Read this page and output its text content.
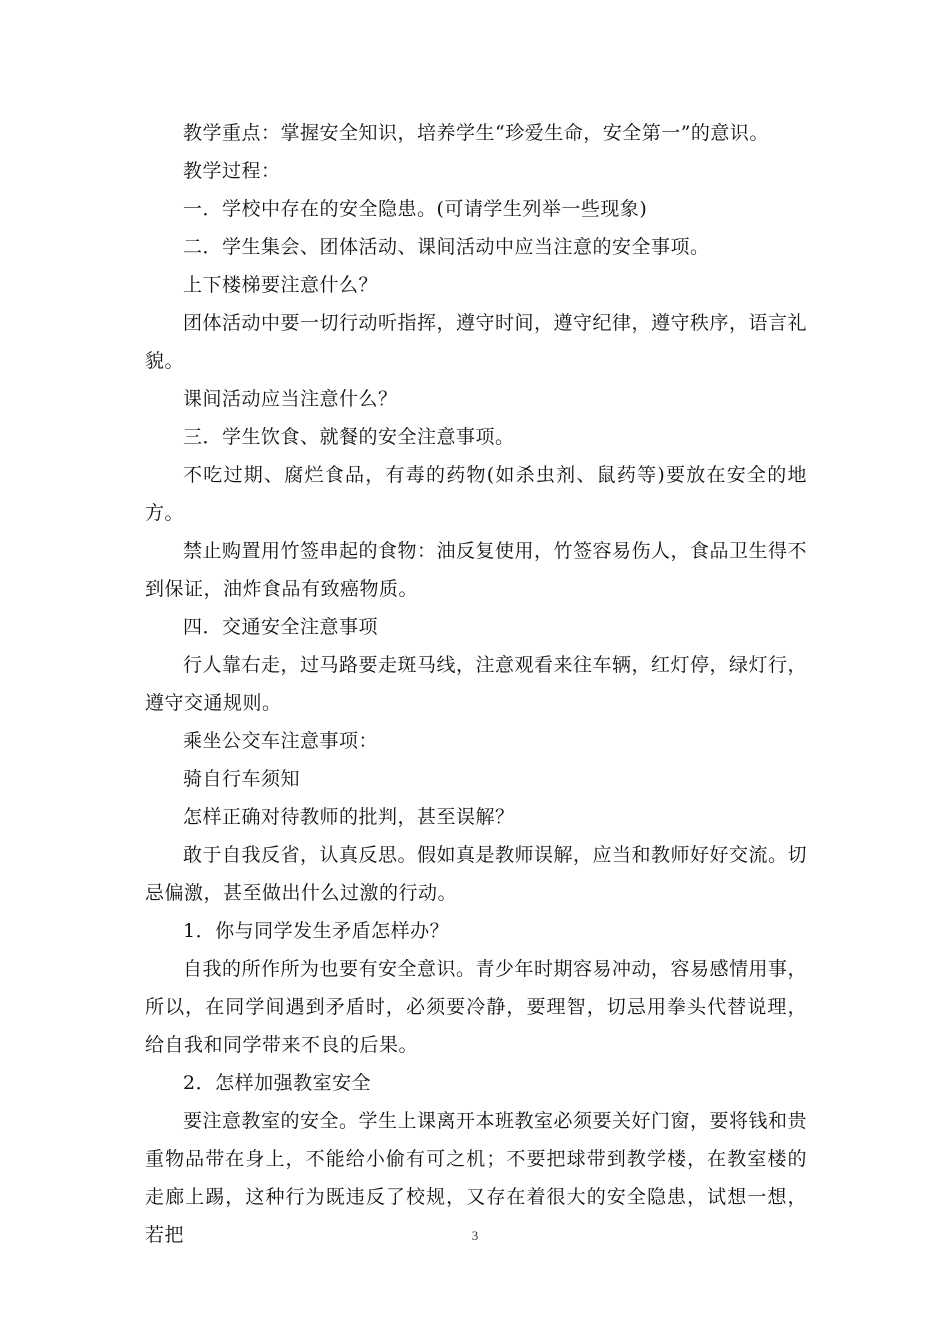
教学重点：掌握安全知识，培养学生“珍爱生命，安全第一”的意识。

教学过程：

一．学校中存在的安全隐患。(可请学生列举一些现象)

二．学生集会、团体活动、课间活动中应当注意的安全事项。

上下楼梯要注意什么？

团体活动中要一切行动听指挥，遵守时间，遵守纪律，遵守秩序，语言礼貌。

课间活动应当注意什么？

三．学生饮食、就餐的安全注意事项。

不吃过期、腐烂食品，有毒的药物(如杀虫剂、鼠药等)要放在安全的地方。

禁止购置用竹签串起的食物：油反复使用，竹签容易伤人，食品卫生得不到保证，油炸食品有致癌物质。

四．交通安全注意事项

行人靠右走，过马路要走斑马线，注意观看来往车辆，红灯停，绿灯行，遵守交通规则。

乘坐公交车注意事项：

骑自行车须知

怎样正确对待教师的批判，甚至误解？

敢于自我反省，认真反思。假如真是教师误解，应当和教师好好交流。切忌偏激，甚至做出什么过激的行动。

1．你与同学发生矛盾怎样办？

自我的所作所为也要有安全意识。青少年时期容易冲动，容易感情用事，所以，在同学间遇到矛盾时，必须要冷静，要理智，切忌用拳头代替说理，给自我和同学带来不良的后果。

2．怎样加强教室安全

要注意教室的安全。学生上课离开本班教室必须要关好门窗，要将钱和贵重物品带在身上，不能给小偷有可之机；不要把球带到教学楼，在教室楼的走廊上踢，这种行为既违反了校规，又存在着很大的安全隐患，试想一想，若把	3
